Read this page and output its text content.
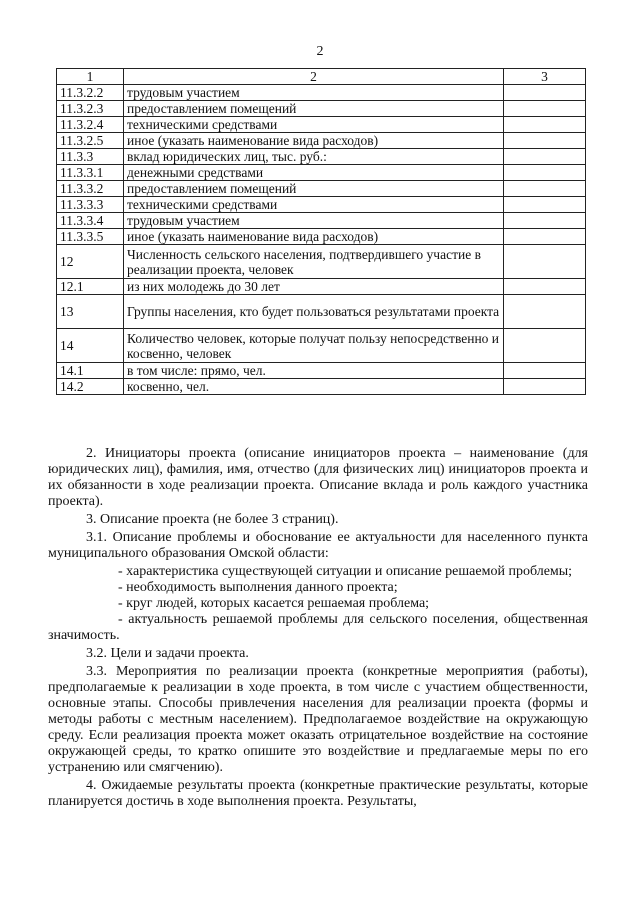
2
1	2	3
11.3.2.2	трудовым участием	
11.3.2.3	предоставлением помещений	
11.3.2.4	техническими средствами	
11.3.2.5	иное (указать наименование вида расходов)	
11.3.3	вклад юридических лиц, тыс. руб.:	
11.3.3.1	денежными средствами	
11.3.3.2	предоставлением помещений	
11.3.3.3	техническими средствами	
11.3.3.4	трудовым участием	
11.3.3.5	иное (указать наименование вида расходов)	
12	Численность сельского населения, подтвердившего участие в реализации проекта, человек	
12.1	из них молодежь до 30 лет	
13	Группы населения, кто будет пользоваться результатами проекта	
14	Количество человек, которые получат пользу непосредственно и косвенно, человек	
14.1	в том числе: прямо, чел.	
14.2	косвенно, чел.	

2. Инициаторы проекта (описание инициаторов проекта – наименование (для юридических лиц), фамилия, имя, отчество (для физических лиц) инициаторов проекта и их обязанности в ходе реализации проекта. Описание вклада и роль каждого участника проекта).

3. Описание проекта (не более 3 страниц).

3.1. Описание проблемы и обоснование ее актуальности для населенного пункта муниципального образования Омской области:

- характеристика существующей ситуации и описание решаемой проблемы;

- необходимость выполнения данного проекта;

- круг людей, которых касается решаемая проблема;

- актуальность решаемой проблемы для сельского поселения, общественная значимость.

3.2. Цели и задачи проекта.

3.3. Мероприятия по реализации проекта (конкретные мероприятия (работы), предполагаемые к реализации в ходе проекта, в том числе с участием общественности, основные этапы. Способы привлечения населения для реализации проекта (формы и методы работы с местным населением). Предполагаемое воздействие на окружающую среду. Если реализация проекта может оказать отрицательное воздействие на состояние окружающей среды, то кратко опишите это воздействие и предлагаемые меры по его устранению или смягчению).

4. Ожидаемые результаты проекта (конкретные практические результаты, которые планируется достичь в ходе выполнения проекта. Результаты,
